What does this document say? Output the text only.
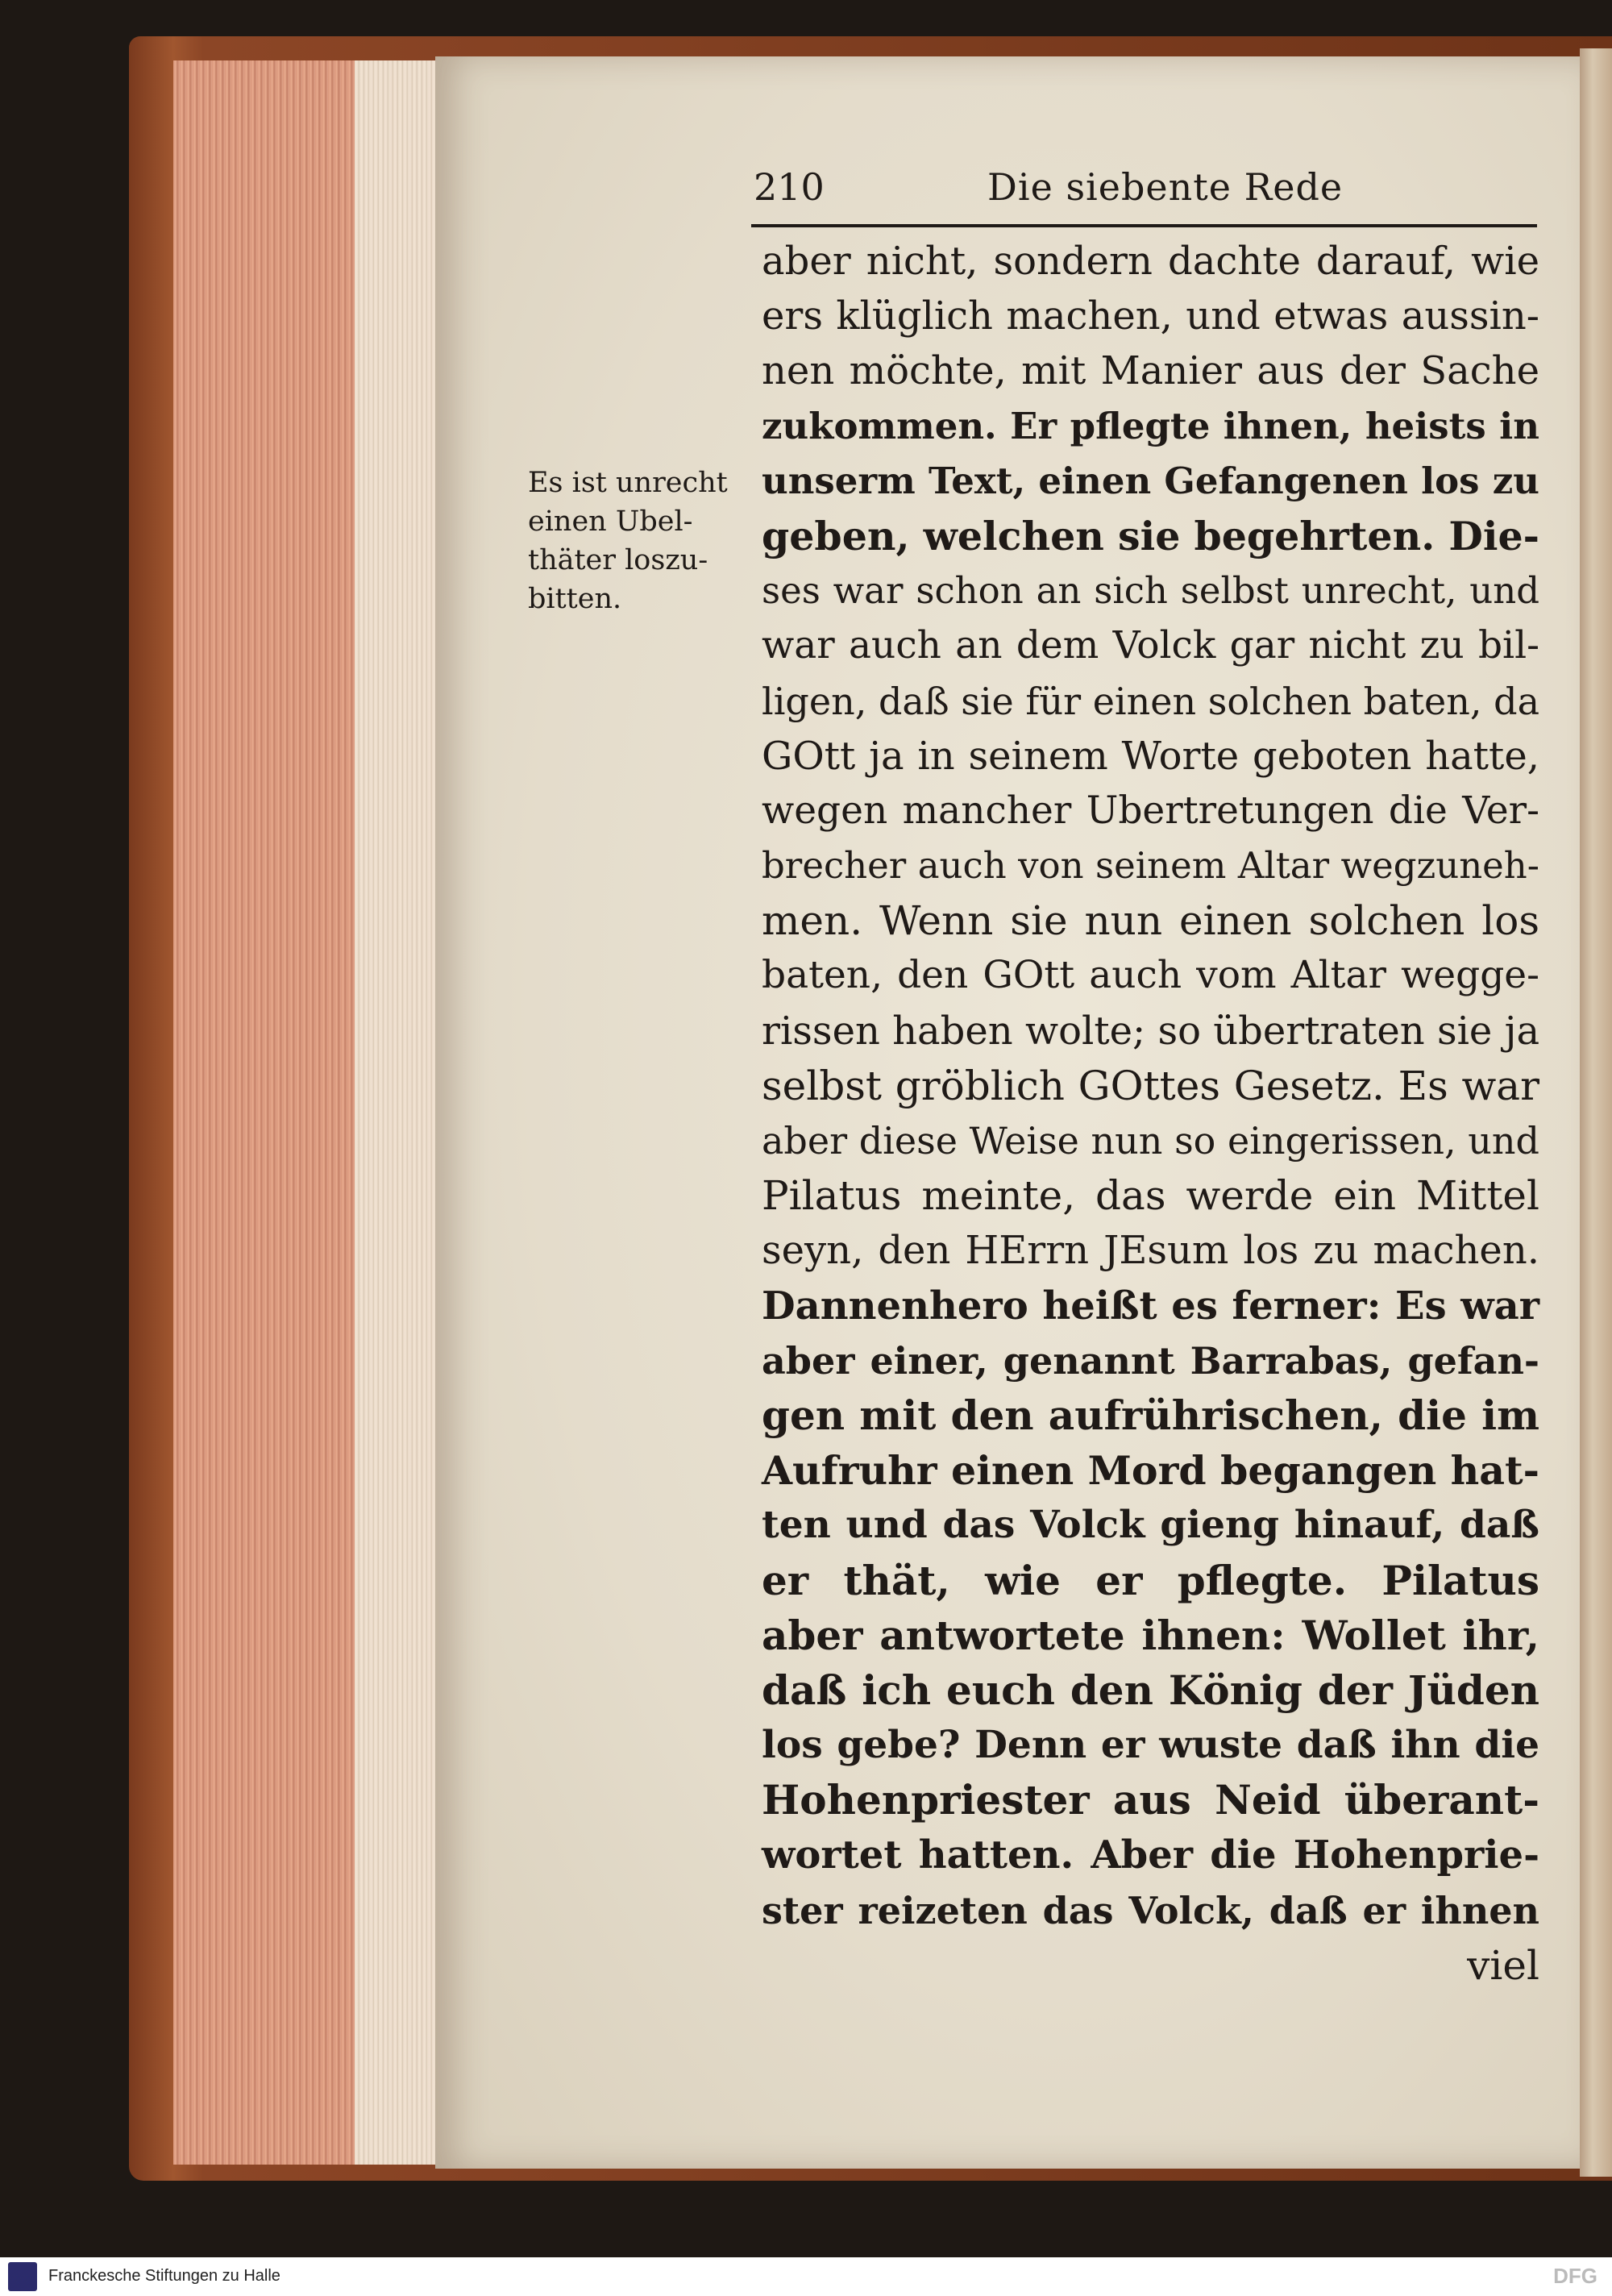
210	Die siebente Rede
Es ist unrecht
einen Ubel-
thäter loszu-
bitten.
aber nicht, sondern dachte darauf, wie
ers klüglich machen, und etwas aussin-
nen möchte, mit Manier aus der Sache
zukommen. Er pflegte ihnen, heists in
unserm Text, einen Gefangenen los zu
geben, welchen sie begehrten. Die-
ses war schon an sich selbst unrecht, und
war auch an dem Volck gar nicht zu bil-
ligen, daß sie für einen solchen baten, da
GOtt ja in seinem Worte geboten hatte,
wegen mancher Ubertretungen die Ver-
brecher auch von seinem Altar wegzuneh-
men. Wenn sie nun einen solchen los
baten, den GOtt auch vom Altar wegge-
rissen haben wolte; so übertraten sie ja
selbst gröblich GOttes Gesetz. Es war
aber diese Weise nun so eingerissen, und
Pilatus meinte, das werde ein Mittel
seyn, den HErrn JEsum los zu machen.
Dannenhero heißt es ferner: Es war
aber einer, genannt Barrabas, gefan-
gen mit den aufrührischen, die im
Aufruhr einen Mord begangen hat-
ten und das Volck gieng hinauf, daß
er thät, wie er pflegte. Pilatus
aber antwortete ihnen: Wollet ihr,
daß ich euch den König der Jüden
los gebe? Denn er wuste daß ihn die
Hohenpriester aus Neid überant-
wortet hatten. Aber die Hohenprie-
ster reizeten das Volck, daß er ihnen
viel
Franckesche Stiftungen zu Halle	DFG
